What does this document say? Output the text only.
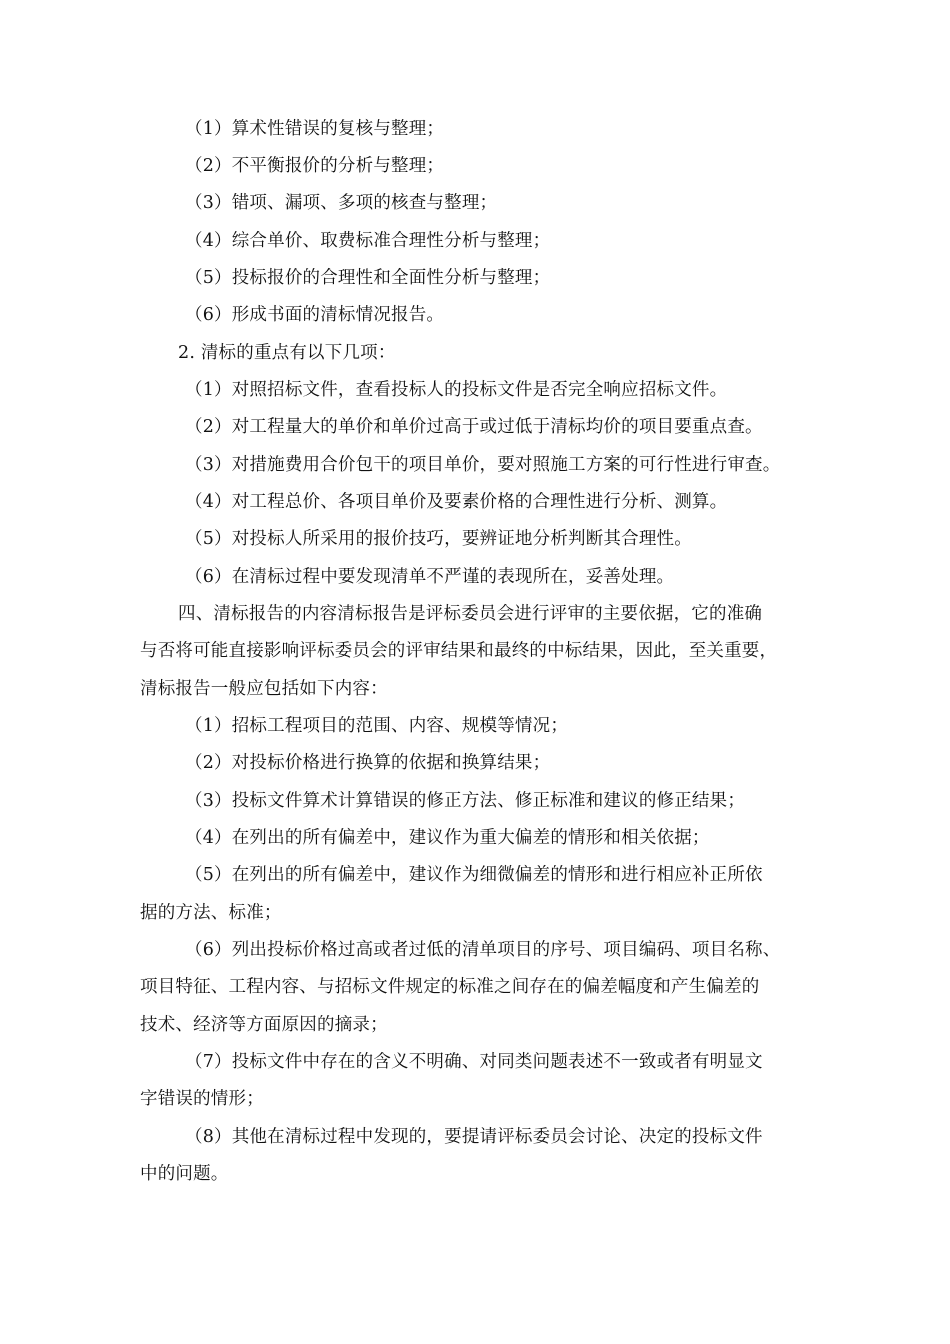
（1）算术性错误的复核与整理；
（2）不平衡报价的分析与整理；
（3）错项、漏项、多项的核查与整理；
（4）综合单价、取费标准合理性分析与整理；
（5）投标报价的合理性和全面性分析与整理；
（6）形成书面的清标情况报告。
2. 清标的重点有以下几项：
（1）对照招标文件，查看投标人的投标文件是否完全响应招标文件。
（2）对工程量大的单价和单价过高于或过低于清标均价的项目要重点查。
（3）对措施费用合价包干的项目单价，要对照施工方案的可行性进行审查。
（4）对工程总价、各项目单价及要素价格的合理性进行分析、测算。
（5）对投标人所采用的报价技巧，要辨证地分析判断其合理性。
（6）在清标过程中要发现清单不严谨的表现所在，妥善处理。
四、清标报告的内容清标报告是评标委员会进行评审的主要依据，它的准确
与否将可能直接影响评标委员会的评审结果和最终的中标结果，因此，至关重要，
清标报告一般应包括如下内容：
（1）招标工程项目的范围、内容、规模等情况；
（2）对投标价格进行换算的依据和换算结果；
（3）投标文件算术计算错误的修正方法、修正标准和建议的修正结果；
（4）在列出的所有偏差中，建议作为重大偏差的情形和相关依据；
（5）在列出的所有偏差中，建议作为细微偏差的情形和进行相应补正所依
据的方法、标准；
（6）列出投标价格过高或者过低的清单项目的序号、项目编码、项目名称、
项目特征、工程内容、与招标文件规定的标准之间存在的偏差幅度和产生偏差的
技术、经济等方面原因的摘录；
（7）投标文件中存在的含义不明确、对同类问题表述不一致或者有明显文
字错误的情形；
（8）其他在清标过程中发现的，要提请评标委员会讨论、决定的投标文件
中的问题。
